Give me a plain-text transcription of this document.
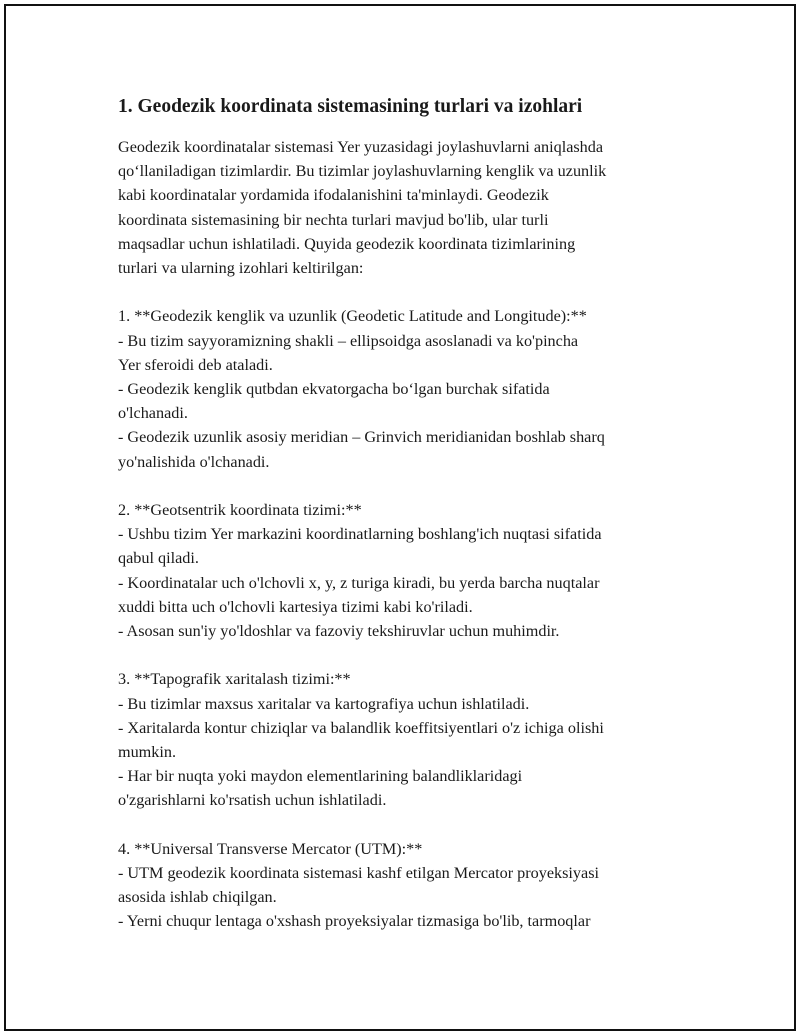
1. Geodezik koordinata sistemasining turlari va izohlari

Geodezik koordinatalar sistemasi Yer yuzasidagi joylashuvlarni aniqlashda
qo‘llaniladigan tizimlardir. Bu tizimlar joylashuvlarning kenglik va uzunlik
kabi koordinatalar yordamida ifodalanishini ta'minlaydi. Geodezik
koordinata sistemasining bir nechta turlari mavjud bo'lib, ular turli
maqsadlar uchun ishlatiladi. Quyida geodezik koordinata tizimlarining
turlari va ularning izohlari keltirilgan:

1. **Geodezik kenglik va uzunlik (Geodetic Latitude and Longitude):**
- Bu tizim sayyoramizning shakli – ellipsoidga asoslanadi va ko'pincha
Yer sferoidi deb ataladi.
- Geodezik kenglik qutbdan ekvatorgacha bo‘lgan burchak sifatida
o'lchanadi.
- Geodezik uzunlik asosiy meridian – Grinvich meridianidan boshlab sharq
yo'nalishida o'lchanadi.

2. **Geotsentrik koordinata tizimi:**
- Ushbu tizim Yer markazini koordinatlarning boshlang'ich nuqtasi sifatida
qabul qiladi.
- Koordinatalar uch o'lchovli x, y, z turiga kiradi, bu yerda barcha nuqtalar
xuddi bitta uch o'lchovli kartesiya tizimi kabi ko'riladi.
- Asosan sun'iy yo'ldoshlar va fazoviy tekshiruvlar uchun muhimdir.

3. **Tapografik xaritalash tizimi:**
- Bu tizimlar maxsus xaritalar va kartografiya uchun ishlatiladi.
- Xaritalarda kontur chiziqlar va balandlik koeffitsiyentlari o'z ichiga olishi
mumkin.
- Har bir nuqta yoki maydon elementlarining balandliklaridagi
o'zgarishlarni ko'rsatish uchun ishlatiladi.

4. **Universal Transverse Mercator (UTM):**
- UTM geodezik koordinata sistemasi kashf etilgan Mercator proyeksiyasi
asosida ishlab chiqilgan.
- Yerni chuqur lentaga o'xshash proyeksiyalar tizmasiga bo'lib, tarmoqlar
